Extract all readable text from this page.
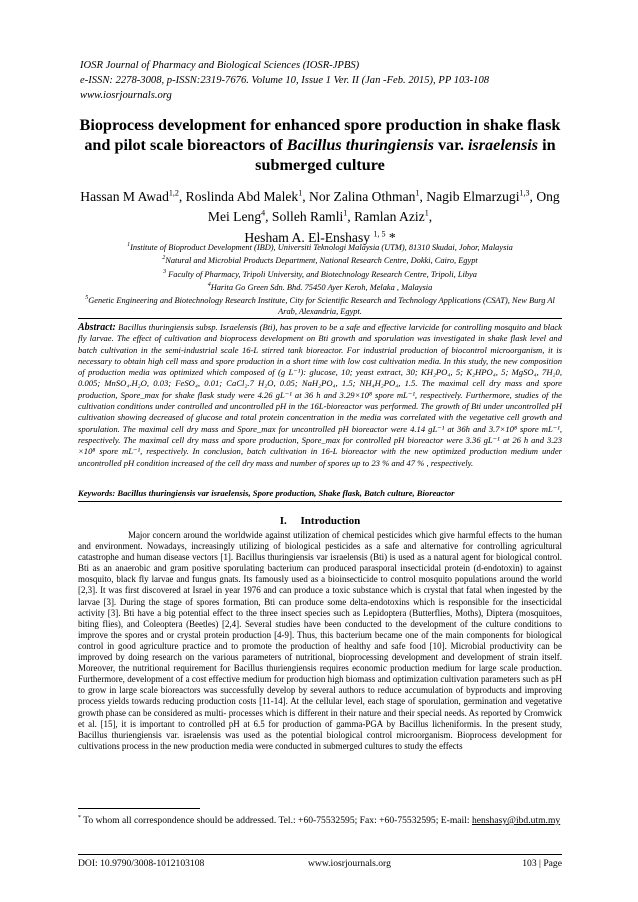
IOSR Journal of Pharmacy and Biological Sciences (IOSR-JPBS)
e-ISSN: 2278-3008, p-ISSN:2319-7676. Volume 10, Issue 1 Ver. II (Jan -Feb. 2015), PP 103-108
www.iosrjournals.org
Bioprocess development for enhanced spore production in shake flask and pilot scale bioreactors of Bacillus thuringiensis var. israelensis in submerged culture
Hassan M Awad$^{1,2}$, Roslinda Abd Malek$^1$, Nor Zalina Othman$^1$, Nagib Elmarzugi$^{1,3}$, Ong Mei Leng$^4$, Solleh Ramli$^1$, Ramlan Aziz$^1$,
Hesham A. El-Enshasy $^{1, 5}$ *
$^1$Institute of Bioproduct Development (IBD), Universiti Teknologi Malaysia (UTM), 81310 Skudai, Johor, Malaysia
$^2$Natural and Microbial Products Department, National Research Centre, Dokki, Cairo, Egypt
$^3$ Faculty of Pharmacy, Tripoli University, and Biotechnology Research Centre, Tripoli, Libya
$^4$Harita Go Green Sdn. Bhd. 75450 Ayer Keroh, Melaka , Malaysia
$^5$Genetic Engineering and Biotechnology Research Institute, City for Scientific Research and Technology Applications (CSAT), New Burg Al Arab, Alexandria, Egypt.
Abstract: Bacillus thuringiensis subsp. Israelensis (Bti), has proven to be a safe and effective larvicide for controlling mosquito and black fly larvae. The effect of cultivation and bioprocess development on Bti growth and sporulation was investigated in shake flask level and batch cultivation in the semi-industrial scale 16-L stirred tank bioreactor. For industrial production of biocontrol microorganism, it is necessary to obtain high cell mass and spore production in a short time with low cost cultivation media. In this study, the new composition of production media was optimized which composed of (g L⁻¹): glucose, 10; yeast extract, 30; KH₂PO₄, 5; K₂HPO₄, 5; MgSO₄, 7H₂0, 0.005; MnSO₄.H₂O, 0.03; FeSO₄, 0.01; CaCl₂.7 H₂O, 0.05; NaH₂PO₄, 1.5; NH₄H₂PO₄, 1.5. The maximal cell dry mass and spore production, Spore_max for shake flask study were 4.26 gL⁻¹ at 36 h and 3.29×10⁸ spore mL⁻¹, respectively. Furthermore, studies of the cultivation conditions under controlled and uncontrolled pH in the 16L-bioreactor was performed. The growth of Bti under uncontrolled pH cultivation showing decreased of glucose and total protein concentration in the media was correlated with the vegetative cell growth and sporulation. The maximal cell dry mass and Spore_max for uncontrolled pH bioreactor were 4.14 gL⁻¹ at 36h and 3.7×10⁸ spore mL⁻¹, respectively. The maximal cell dry mass and spore production, Spore_max for controlled pH bioreactor were 3.36 gL⁻¹ at 26 h and 3.23 ×10⁸ spore mL⁻¹, respectively. In conclusion, batch cultivation in 16-L bioreactor with the new optimized production medium under uncontrolled pH condition increased of the cell dry mass and number of spores up to 23 % and 47 % , respectively.
Keywords: Bacillus thuringiensis var israelensis, Spore production, Shake flask, Batch culture, Bioreactor
I. Introduction

Major concern around the worldwide against utilization of chemical pesticides which give harmful effects to the human and environment. Nowadays, increasingly utilizing of biological pesticides as a safe and alternative for controlling agricultural catastrophe and human disease vectors [1]. Bacillus thuringiensis var israelensis (Bti) is used as a natural agent for biological control. Bti as an anaerobic and gram positive sporulating bacterium can produced parasporal insecticidal protein (d-endotoxin) to against mosquito, black fly larvae and fungus gnats. Its famously used as a bioinsecticide to control mosquito populations around the world [2,3]. It was first discovered at Israel in year 1976 and can produce a toxic substance which is crystal that fatal when ingested by the larvae [3]. During the stage of spores formation, Bti can produce some delta-endotoxins which is responsible for the insecticidal activity [3]. Bti have a big potential effect to the three insect species such as Lepidoptera (Butterflies, Moths), Diptera (mosquitoes, biting flies), and Coleoptera (Beetles) [2,4]. Several studies have been conducted to the development of the culture conditions to improve the spores and or crystal protein production [4-9]. Thus, this bacterium became one of the main components for biological control in good agriculture practice and to promote the production of healthy and safe food [10]. Microbial productivity can be improved by doing research on the various parameters of nutritional, bioprocessing development and development of strain itself. Moreover, the nutritional requirement for Bacillus thuriengiensis requires economic production medium for large scale production. Furthermore, development of a cost effective medium for production high biomass and optimization cultivation parameters such as pH to grow in large scale bioreactors was successfully develop by several authors to reduce accumulation of byproducts and improving process yields towards reducing production costs [11-14]. At the cellular level, each stage of sporulation, germination and vegetative growth phase can be considered as multi- processes which is different in their nature and their special needs. As reported by Cromwick et al. [15], it is important to controlled pH at 6.5 for production of gamma-PGA by Bacillus licheniformis. In the present study, Bacillus thuriengiensis var. israelensis was used as the potential biological control microorganism. Bioprocess development for cultivations process in the new production media were conducted in submerged cultures to study the effects

* To whom all correspondence should be addressed. Tel.: +60-75532595; Fax: +60-75532595; E-mail: henshasy@ibd.utm.my
DOI: 10.9790/3008-1012103108	www.iosrjournals.org	103 | Page
